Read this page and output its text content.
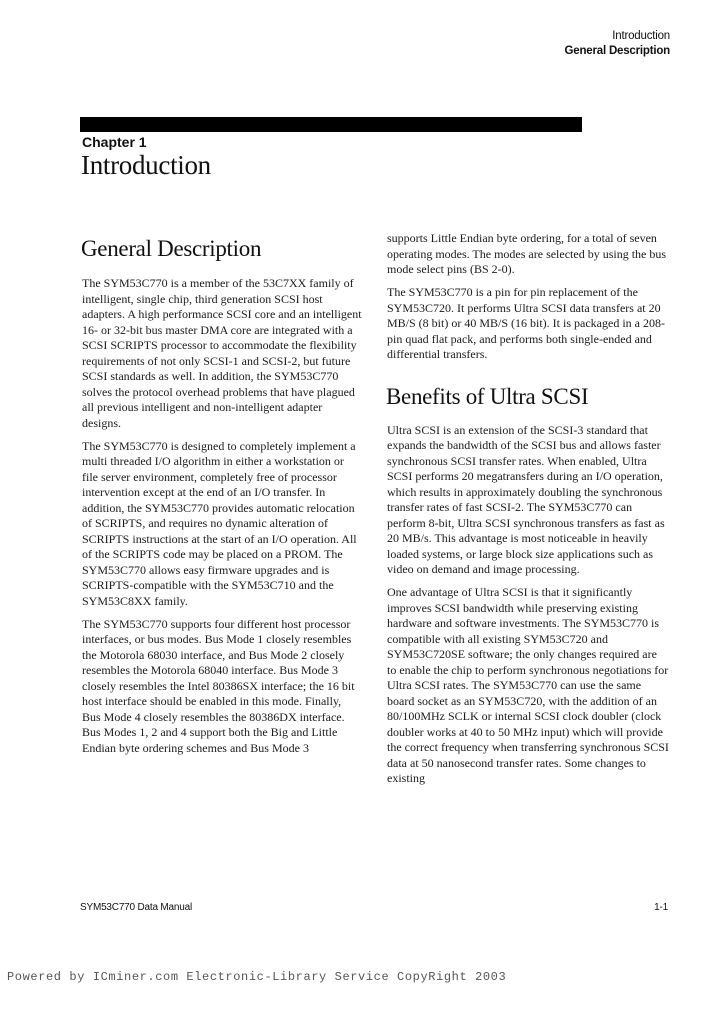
Introduction
General Description
Chapter 1
Introduction
General Description

The SYM53C770 is a member of the 53C7XX family of intelligent, single chip, third generation SCSI host adapters. A high performance SCSI core and an intelligent 16- or 32-bit bus master DMA core are integrated with a SCSI SCRIPTS processor to accommodate the flexibility requirements of not only SCSI-1 and SCSI-2, but future SCSI standards as well. In addition, the SYM53C770 solves the protocol overhead problems that have plagued all previous intelligent and non-intelligent adapter designs.

The SYM53C770 is designed to completely implement a multi threaded I/O algorithm in either a workstation or file server environment, completely free of processor intervention except at the end of an I/O transfer. In addition, the SYM53C770 provides automatic relocation of SCRIPTS, and requires no dynamic alteration of SCRIPTS instructions at the start of an I/O operation. All of the SCRIPTS code may be placed on a PROM. The SYM53C770 allows easy firmware upgrades and is SCRIPTS-compatible with the SYM53C710 and the SYM53C8XX family.

The SYM53C770 supports four different host processor interfaces, or bus modes. Bus Mode 1 closely resembles the Motorola 68030 interface, and Bus Mode 2 closely resembles the Motorola 68040 interface. Bus Mode 3 closely resembles the Intel 80386SX interface; the 16 bit host interface should be enabled in this mode. Finally, Bus Mode 4 closely resembles the 80386DX interface. Bus Modes 1, 2 and 4 support both the Big and Little Endian byte ordering schemes and Bus Mode 3

supports Little Endian byte ordering, for a total of seven operating modes. The modes are selected by using the bus mode select pins (BS 2-0).

The SYM53C770 is a pin for pin replacement of the SYM53C720. It performs Ultra SCSI data transfers at 20 MB/S (8 bit) or 40 MB/S (16 bit). It is packaged in a 208-pin quad flat pack, and performs both single-ended and differential transfers.

Benefits of Ultra SCSI

Ultra SCSI is an extension of the SCSI-3 standard that expands the bandwidth of the SCSI bus and allows faster synchronous SCSI transfer rates. When enabled, Ultra SCSI performs 20 megatransfers during an I/O operation, which results in approximately doubling the synchronous transfer rates of fast SCSI-2. The SYM53C770 can perform 8-bit, Ultra SCSI synchronous transfers as fast as 20 MB/s. This advantage is most noticeable in heavily loaded systems, or large block size applications such as video on demand and image processing.

One advantage of Ultra SCSI is that it significantly improves SCSI bandwidth while preserving existing hardware and software investments. The SYM53C770 is compatible with all existing SYM53C720 and SYM53C720SE software; the only changes required are to enable the chip to perform synchronous negotiations for Ultra SCSI rates. The SYM53C770 can use the same board socket as an SYM53C720, with the addition of an 80/100MHz SCLK or internal SCSI clock doubler (clock doubler works at 40 to 50 MHz input) which will provide the correct frequency when transferring synchronous SCSI data at 50 nanosecond transfer rates. Some changes to existing

SYM53C770 Data Manual	1-1
Powered by ICminer.com Electronic-Library Service CopyRight 2003
